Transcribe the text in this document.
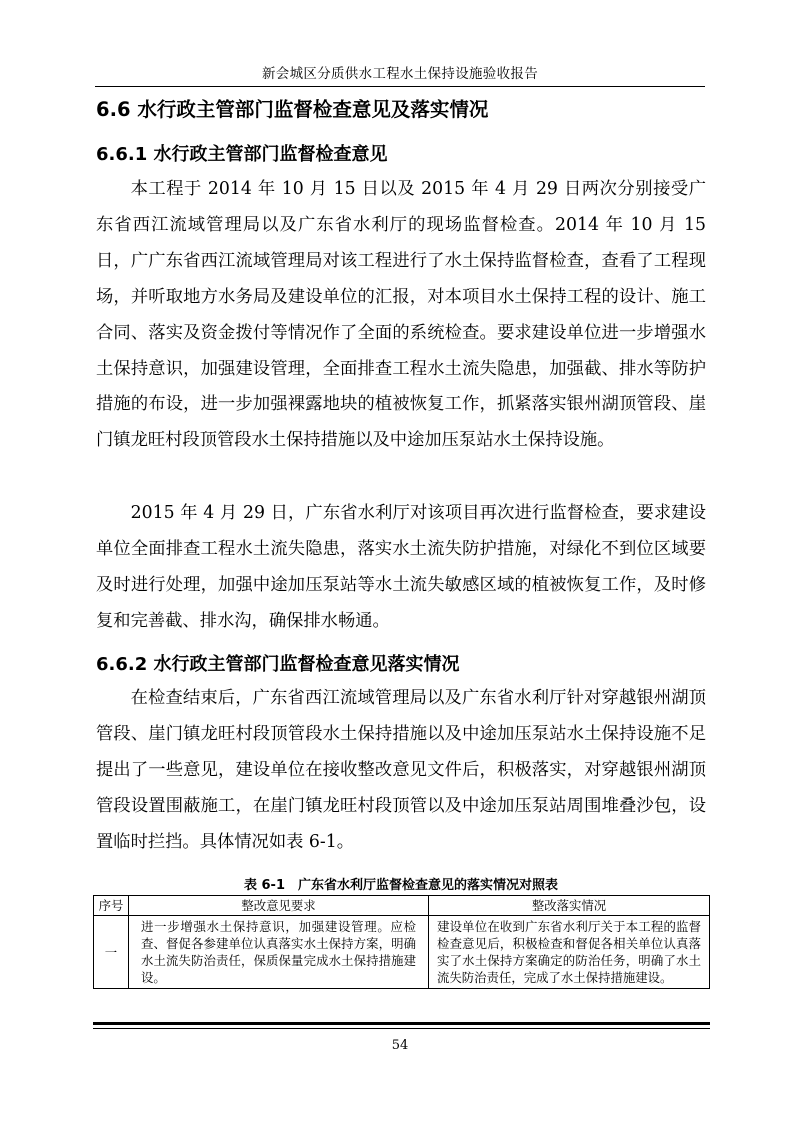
新会城区分质供水工程水土保持设施验收报告
6.6 水行政主管部门监督检查意见及落实情况
6.6.1 水行政主管部门监督检查意见

本工程于 2014 年 10 月 15 日以及 2015 年 4 月 29 日两次分别接受广东省西江流域管理局以及广东省水利厅的现场监督检查。2014 年 10 月 15 日，广广东省西江流域管理局对该工程进行了水土保持监督检查，查看了工程现场，并听取地方水务局及建设单位的汇报，对本项目水土保持工程的设计、施工合同、落实及资金拨付等情况作了全面的系统检查。要求建设单位进一步增强水土保持意识，加强建设管理，全面排查工程水土流失隐患，加强截、排水等防护措施的布设，进一步加强裸露地块的植被恢复工作，抓紧落实银州湖顶管段、崖门镇龙旺村段顶管段水土保持措施以及中途加压泵站水土保持设施。

2015 年 4 月 29 日，广东省水利厅对该项目再次进行监督检查，要求建设单位全面排查工程水土流失隐患，落实水土流失防护措施，对绿化不到位区域要及时进行处理，加强中途加压泵站等水土流失敏感区域的植被恢复工作，及时修复和完善截、排水沟，确保排水畅通。

6.6.2 水行政主管部门监督检查意见落实情况

在检查结束后，广东省西江流域管理局以及广东省水利厅针对穿越银州湖顶管段、崖门镇龙旺村段顶管段水土保持措施以及中途加压泵站水土保持设施不足提出了一些意见，建设单位在接收整改意见文件后，积极落实，对穿越银州湖顶管段设置围蔽施工，在崖门镇龙旺村段顶管以及中途加压泵站周围堆叠沙包，设置临时拦挡。具体情况如表 6-1。

表 6-1　广东省水利厅监督检查意见的落实情况对照表
序号	整改意见要求	整改落实情况
一	进一步增强水土保持意识，加强建设管理。应检查、督促各参建单位认真落实水土保持方案，明确水土流失防治责任，保质保量完成水土保持措施建设。	建设单位在收到广东省水利厅关于本工程的监督检查意见后，积极检查和督促各相关单位认真落实了水土保持方案确定的防治任务，明确了水土流失防治责任，完成了水土保持措施建设。
54
